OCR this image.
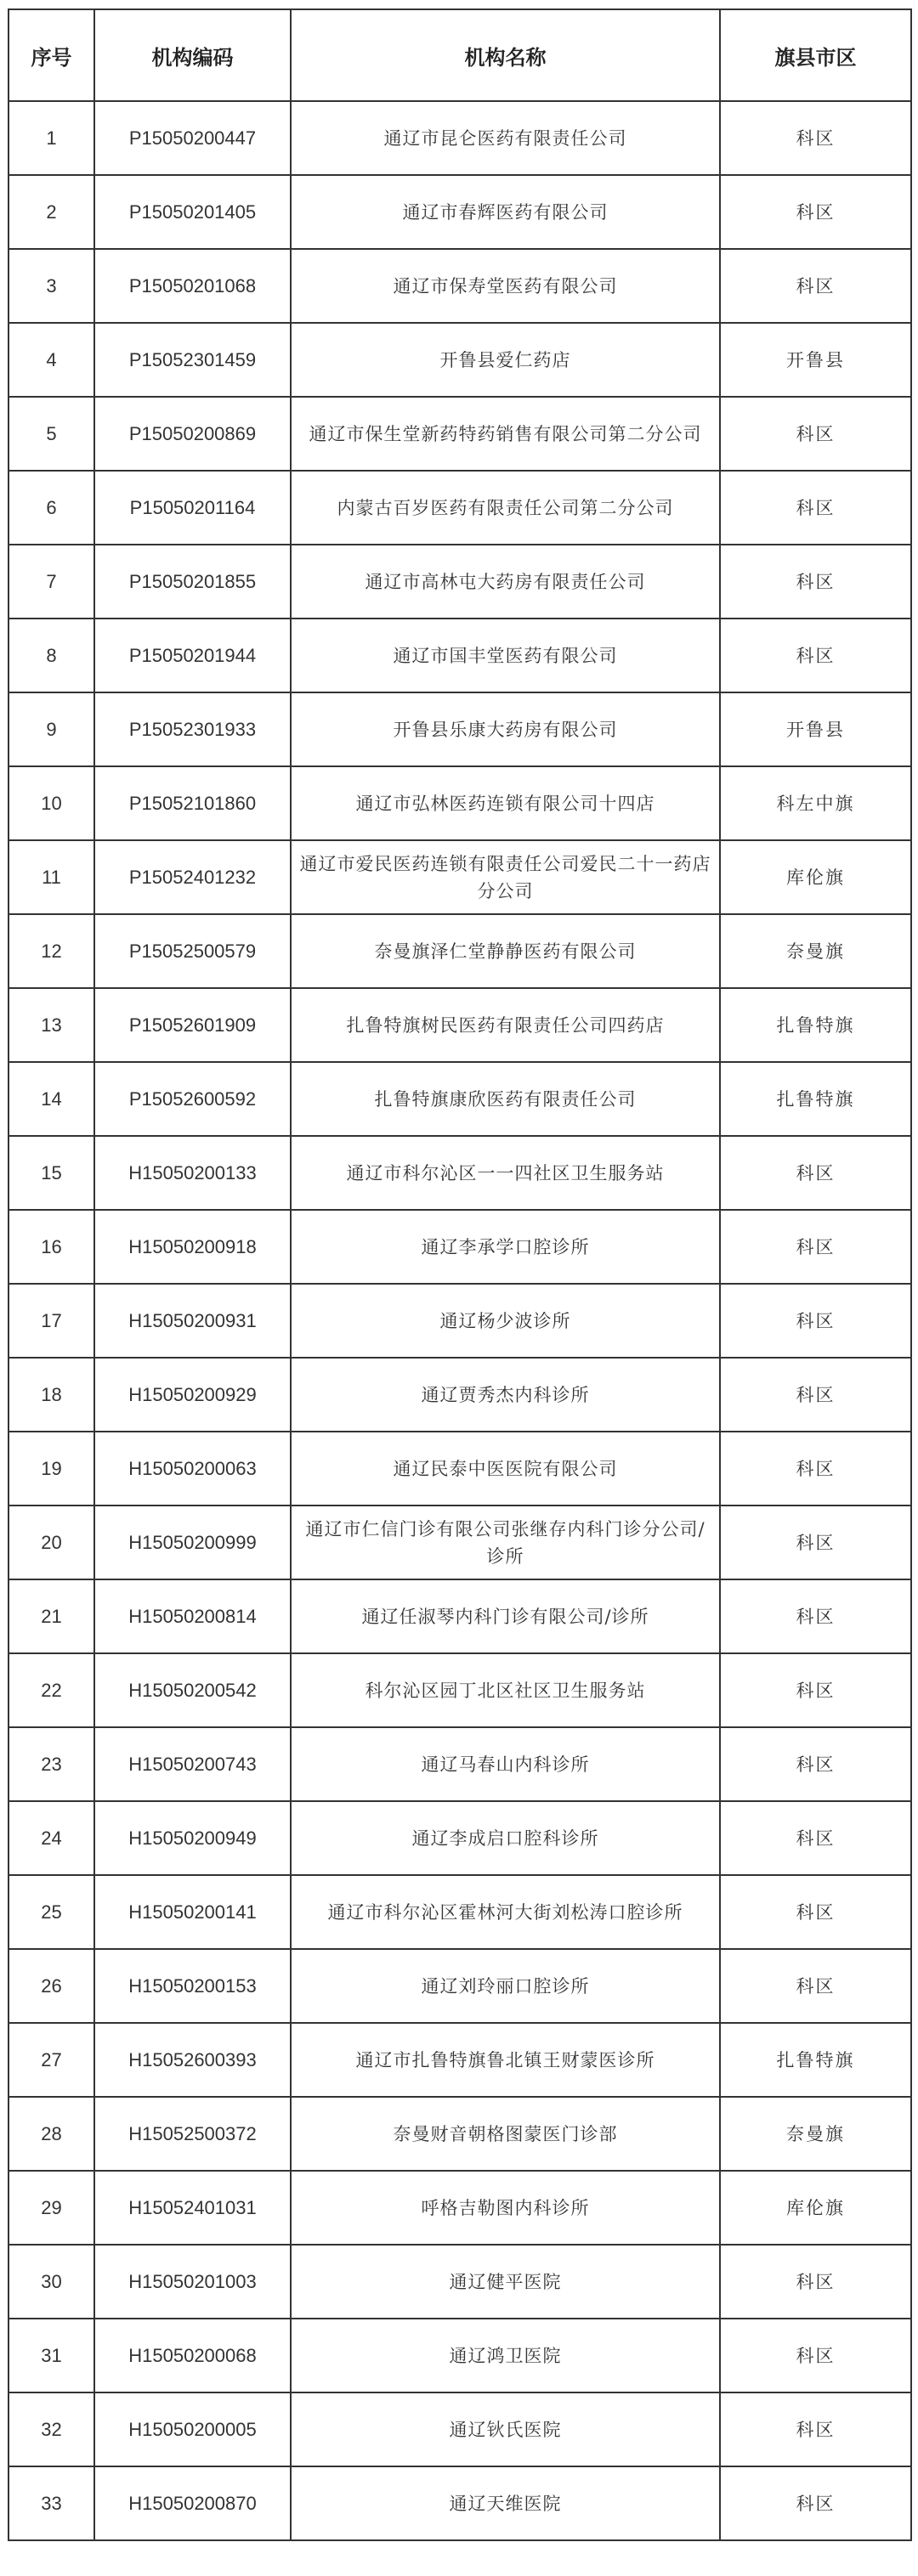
序号	机构编码	机构名称	旗县市区
1	P15050200447	通辽市昆仑医药有限责任公司	科区
2	P15050201405	通辽市春辉医药有限公司	科区
3	P15050201068	通辽市保寿堂医药有限公司	科区
4	P15052301459	开鲁县爱仁药店	开鲁县
5	P15050200869	通辽市保生堂新药特药销售有限公司第二分公司	科区
6	P15050201164	内蒙古百岁医药有限责任公司第二分公司	科区
7	P15050201855	通辽市高林屯大药房有限责任公司	科区
8	P15050201944	通辽市国丰堂医药有限公司	科区
9	P15052301933	开鲁县乐康大药房有限公司	开鲁县
10	P15052101860	通辽市弘林医药连锁有限公司十四店	科左中旗
11	P15052401232	通辽市爱民医药连锁有限责任公司爱民二十一药店分公司	库伦旗
12	P15052500579	奈曼旗泽仁堂静静医药有限公司	奈曼旗
13	P15052601909	扎鲁特旗树民医药有限责任公司四药店	扎鲁特旗
14	P15052600592	扎鲁特旗康欣医药有限责任公司	扎鲁特旗
15	H15050200133	通辽市科尔沁区一一四社区卫生服务站	科区
16	H15050200918	通辽李承学口腔诊所	科区
17	H15050200931	通辽杨少波诊所	科区
18	H15050200929	通辽贾秀杰内科诊所	科区
19	H15050200063	通辽民泰中医医院有限公司	科区
20	H15050200999	通辽市仁信门诊有限公司张继存内科门诊分公司/诊所	科区
21	H15050200814	通辽任淑琴内科门诊有限公司/诊所	科区
22	H15050200542	科尔沁区园丁北区社区卫生服务站	科区
23	H15050200743	通辽马春山内科诊所	科区
24	H15050200949	通辽李成启口腔科诊所	科区
25	H15050200141	通辽市科尔沁区霍林河大街刘松涛口腔诊所	科区
26	H15050200153	通辽刘玲丽口腔诊所	科区
27	H15052600393	通辽市扎鲁特旗鲁北镇王财蒙医诊所	扎鲁特旗
28	H15052500372	奈曼财音朝格图蒙医门诊部	奈曼旗
29	H15052401031	呼格吉勒图内科诊所	库伦旗
30	H15050201003	通辽健平医院	科区
31	H15050200068	通辽鸿卫医院	科区
32	H15050200005	通辽钬氏医院	科区
33	H15050200870	通辽天维医院	科区
